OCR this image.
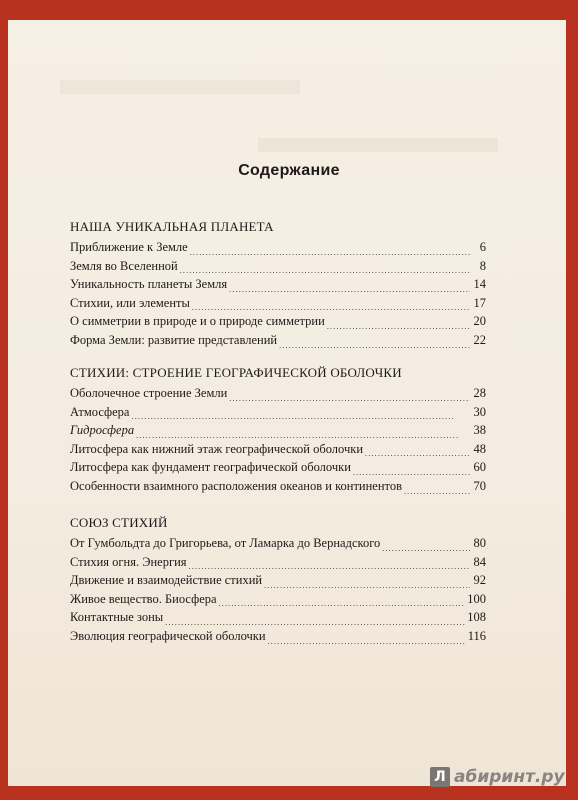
Содержание
НАША УНИКАЛЬНАЯ ПЛАНЕТА
Приближение к Земле . . .	6
Земля во Вселенной . . .	8
Уникальность планеты Земля . . .	14
Стихии, или элементы . . .	17
О симметрии в природе и о природе симметрии . . .	20
Форма Земли: развитие представлений . . .	22
СТИХИИ: СТРОЕНИЕ ГЕОГРАФИЧЕСКОЙ ОБОЛОЧКИ
Оболочечное строение Земли . . .	28
Атмосфера . . .	30
Гидросфера . . .	38
Литосфера как нижний этаж географической оболочки . . .	48
Литосфера как фундамент географической оболочки . . .	60
Особенности взаимного расположения океанов и континентов . . .	70
СОЮЗ СТИХИЙ
От Гумбольдта до Григорьева, от Ламарка до Вернадского . . .	80
Стихия огня. Энергия . . .	84
Движение и взаимодействие стихий . . .	92
Живое вещество. Биосфера . . .	100
Контактные зоны . . .	108
Эволюция географической оболочки . . .	116
Л абиринт.ру
